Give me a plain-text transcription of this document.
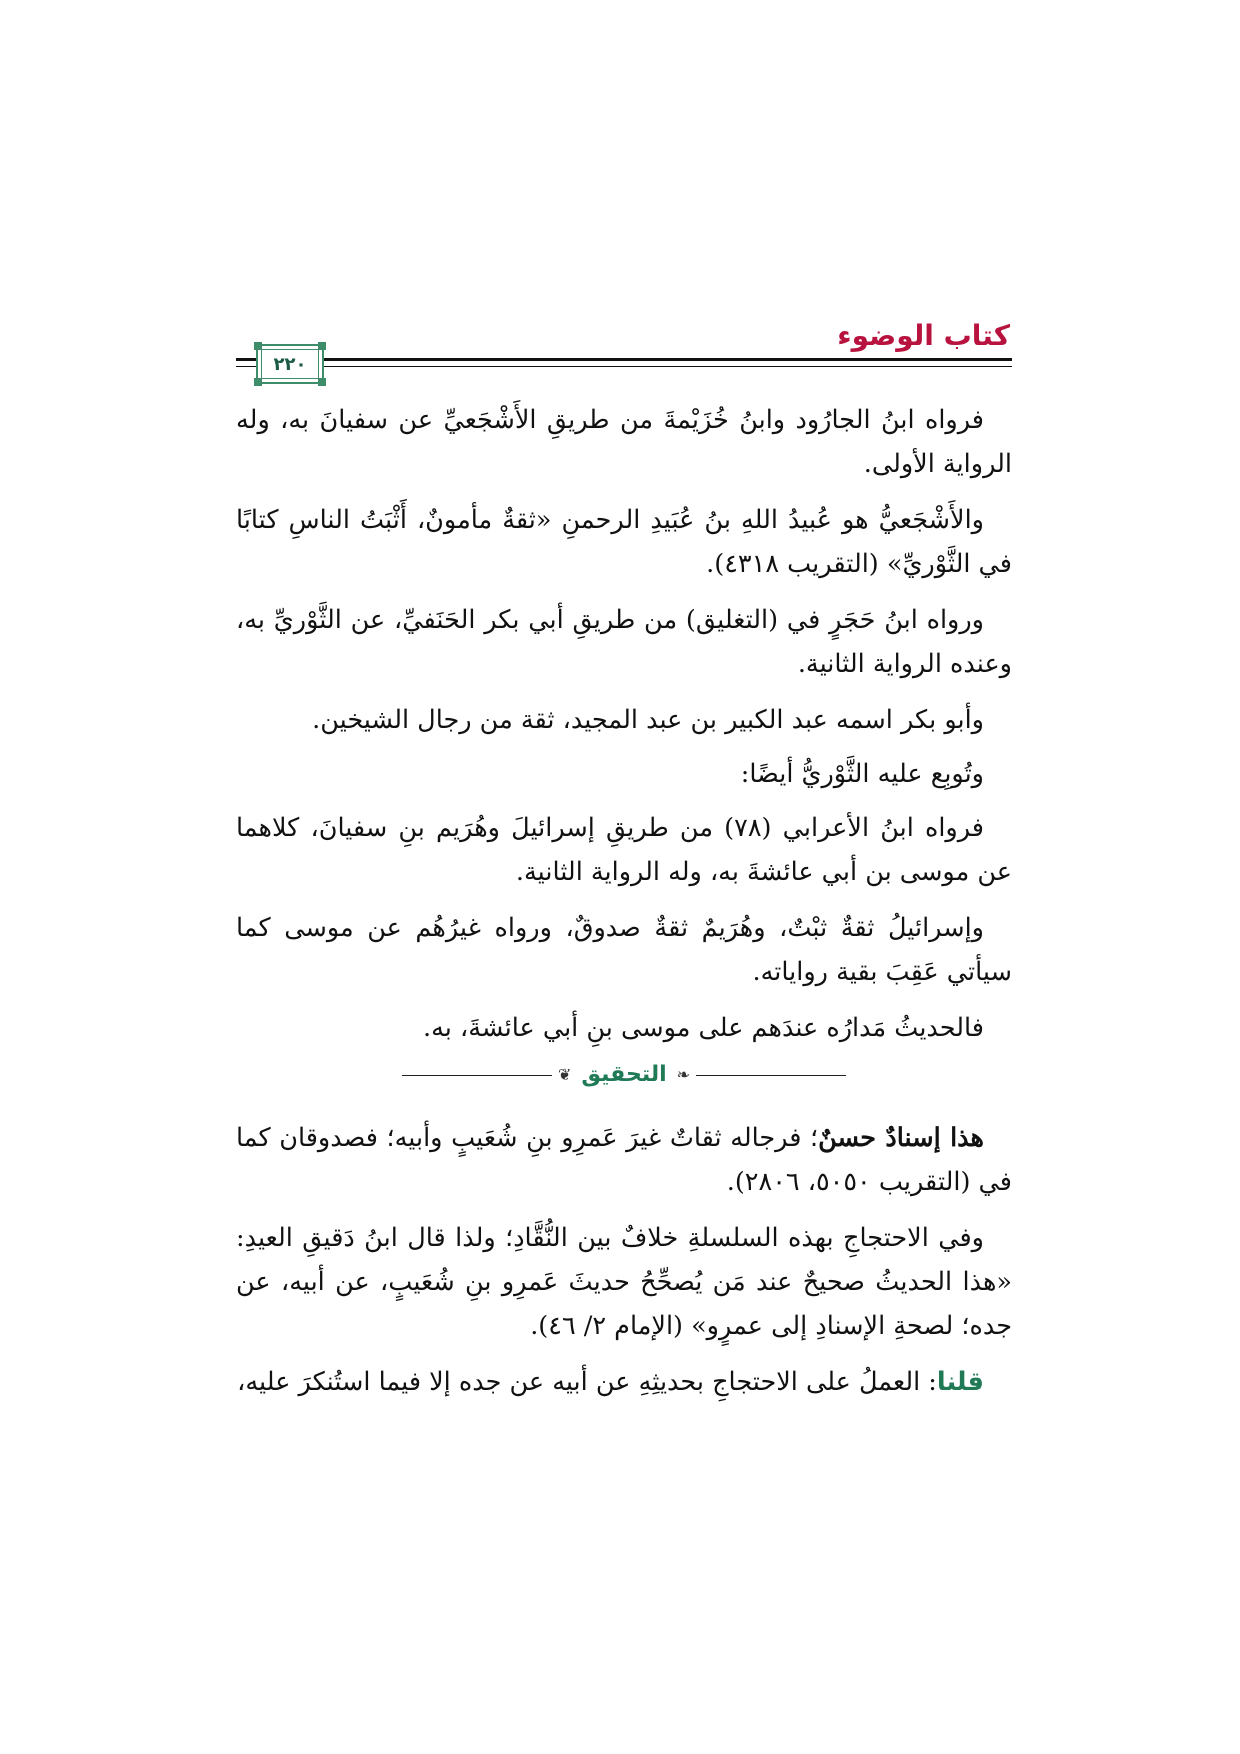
كتاب الوضوء
٢٢٠

فرواه ابنُ الجارُود وابنُ خُزَيْمةَ من طريقِ الأَشْجَعيِّ عن سفيانَ به، وله الرواية الأولى.

والأَشْجَعيُّ هو عُبيدُ اللهِ بنُ عُبَيدِ الرحمنِ «ثقةٌ مأمونٌ، أَثْبَتُ الناسِ كتابًا في الثَّوْريِّ» (التقريب ٤٣١٨).

ورواه ابنُ حَجَرٍ في (التغليق) من طريقِ أبي بكر الحَنَفيِّ، عن الثَّوْريِّ به، وعنده الرواية الثانية.

وأبو بكر اسمه عبد الكبير بن عبد المجيد، ثقة من رجال الشيخين.

وتُوبِع عليه الثَّوْريُّ أيضًا:

فرواه ابنُ الأعرابي (٧٨) من طريقِ إسرائيلَ وهُرَيم بنِ سفيانَ، كلاهما عن موسى بن أبي عائشةَ به، وله الرواية الثانية.

وإسرائيلُ ثقةٌ ثبْتٌ، وهُرَيمٌ ثقةٌ صدوقٌ، ورواه غيرُهُم عن موسى كما سيأتي عَقِبَ بقية رواياته.

فالحديثُ مَدارُه عندَهم على موسى بنِ أبي عائشةَ، به.

❦ التحقيق ❧

هذا إسنادٌ حسنٌ؛ فرجاله ثقاتٌ غيرَ عَمرِو بنِ شُعَيبٍ وأبيه؛ فصدوقان كما في (التقريب ٥٠٥٠، ٢٨٠٦).

وفي الاحتجاجِ بهذه السلسلةِ خلافٌ بين النُّقَّادِ؛ ولذا قال ابنُ دَقيقِ العيدِ: «هذا الحديثُ صحيحٌ عند مَن يُصحِّحُ حديثَ عَمرِو بنِ شُعَيبٍ، عن أبيه، عن جده؛ لصحةِ الإسنادِ إلى عمرٍو» (الإمام ٢/ ٤٦).

قلنا: العملُ على الاحتجاجِ بحديثِهِ عن أبيه عن جده إلا فيما استُنكرَ عليه،
